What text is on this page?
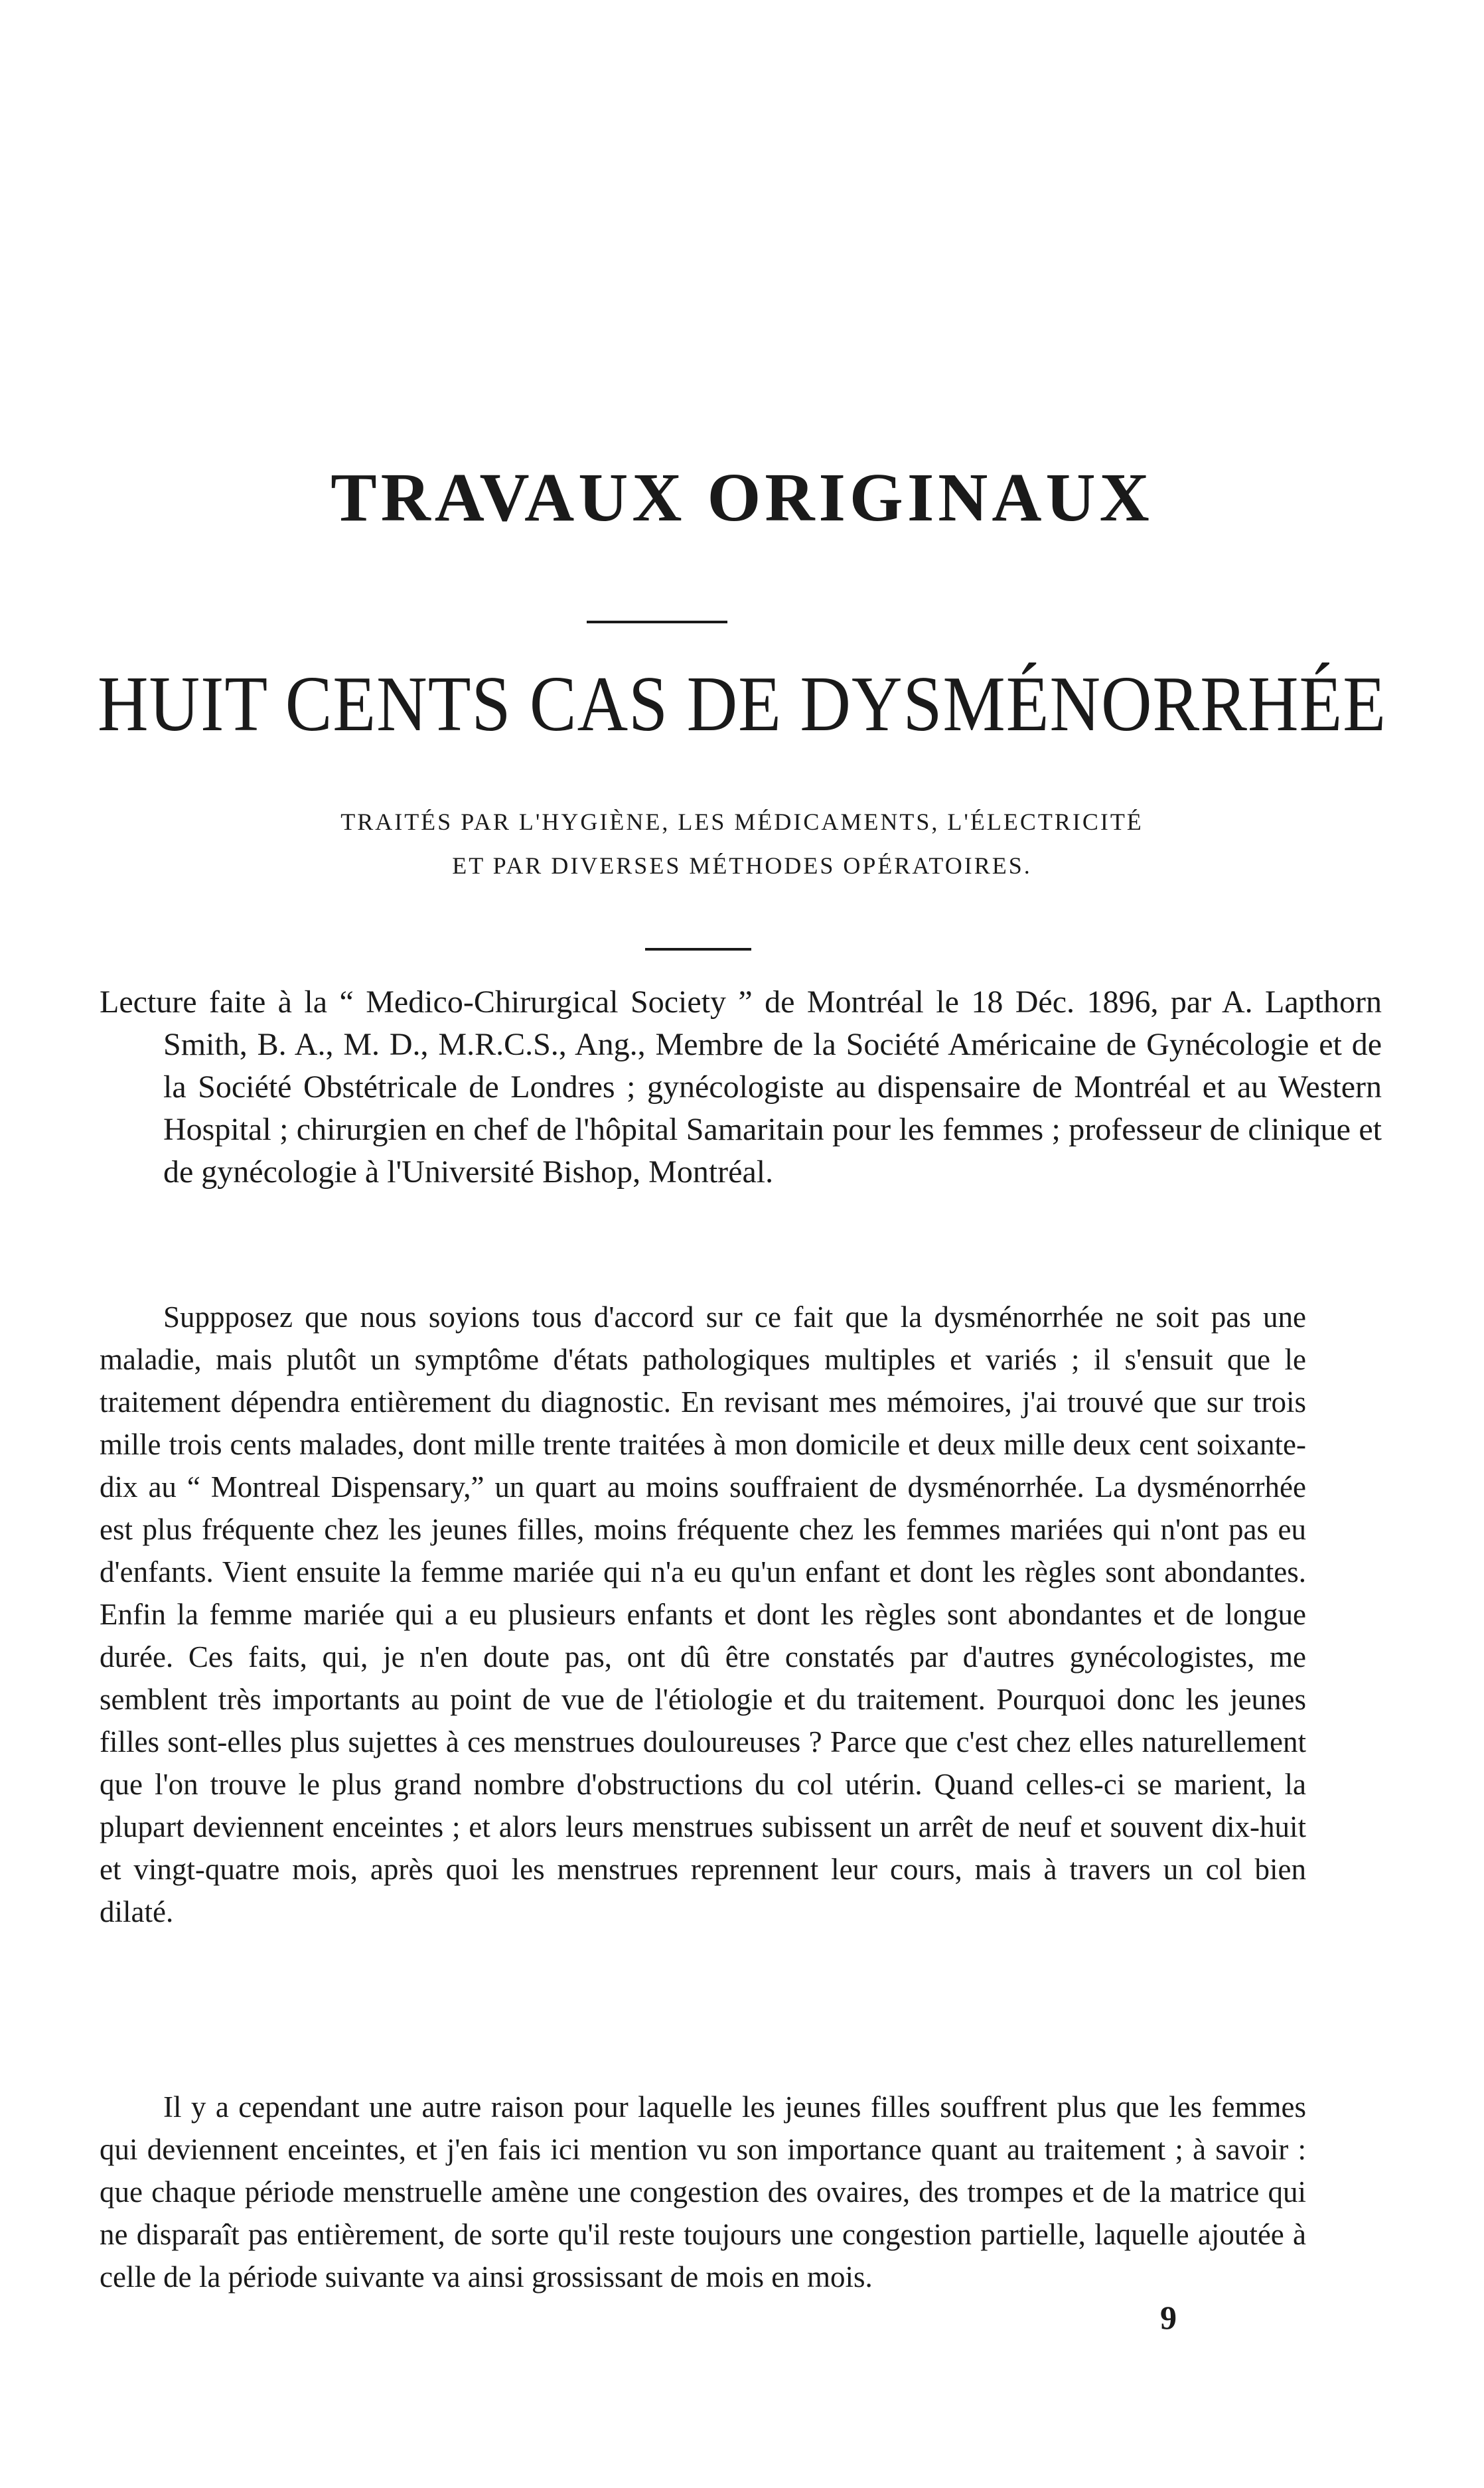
TRAVAUX ORIGINAUX
HUIT CENTS CAS DE DYSMÉNORRHÉE

TRAITÉS PAR L'HYGIÈNE, LES MÉDICAMENTS, L'ÉLECTRICITÉ
ET PAR DIVERSES MÉTHODES OPÉRATOIRES.

Lecture faite à la “ Medico-Chirurgical Society ” de Montréal le 18 Déc. 1896, par A. Lapthorn Smith, B. A., M. D., M.R.C.S., Ang., Membre de la Société Américaine de Gynécologie et de la Société Obstétricale de Londres ; gynécologiste au dispensaire de Montréal et au Western Hospital ; chirurgien en chef de l'hôpital Samaritain pour les femmes ; professeur de clinique et de gynécologie à l'Université Bishop, Montréal.

Suppposez que nous soyions tous d'accord sur ce fait que la dysménorrhée ne soit pas une maladie, mais plutôt un symptôme d'états pathologiques multiples et variés ; il s'ensuit que le traitement dépendra entièrement du diagnostic. En revisant mes mémoires, j'ai trouvé que sur trois mille trois cents malades, dont mille trente traitées à mon domicile et deux mille deux cent soixante-dix au “ Montreal Dispensary,” un quart au moins souffraient de dysménorrhée. La dysménorrhée est plus fréquente chez les jeunes filles, moins fréquente chez les femmes mariées qui n'ont pas eu d'enfants. Vient ensuite la femme mariée qui n'a eu qu'un enfant et dont les règles sont abondantes. Enfin la femme mariée qui a eu plusieurs enfants et dont les règles sont abondantes et de longue durée. Ces faits, qui, je n'en doute pas, ont dû être constatés par d'autres gynécologistes, me semblent très importants au point de vue de l'étiologie et du traitement. Pourquoi donc les jeunes filles sont-elles plus sujettes à ces menstrues douloureuses ? Parce que c'est chez elles naturellement que l'on trouve le plus grand nombre d'obstructions du col utérin. Quand celles-ci se marient, la plupart deviennent enceintes ; et alors leurs menstrues subissent un arrêt de neuf et souvent dix-huit et vingt-quatre mois, après quoi les menstrues reprennent leur cours, mais à travers un col bien dilaté.

Il y a cependant une autre raison pour laquelle les jeunes filles souffrent plus que les femmes qui deviennent enceintes, et j'en fais ici mention vu son importance quant au traitement ; à savoir : que chaque période menstruelle amène une congestion des ovaires, des trompes et de la matrice qui ne disparaît pas entièrement, de sorte qu'il reste toujours une congestion partielle, laquelle ajoutée à celle de la période suivante va ainsi grossissant de mois en mois.

9
